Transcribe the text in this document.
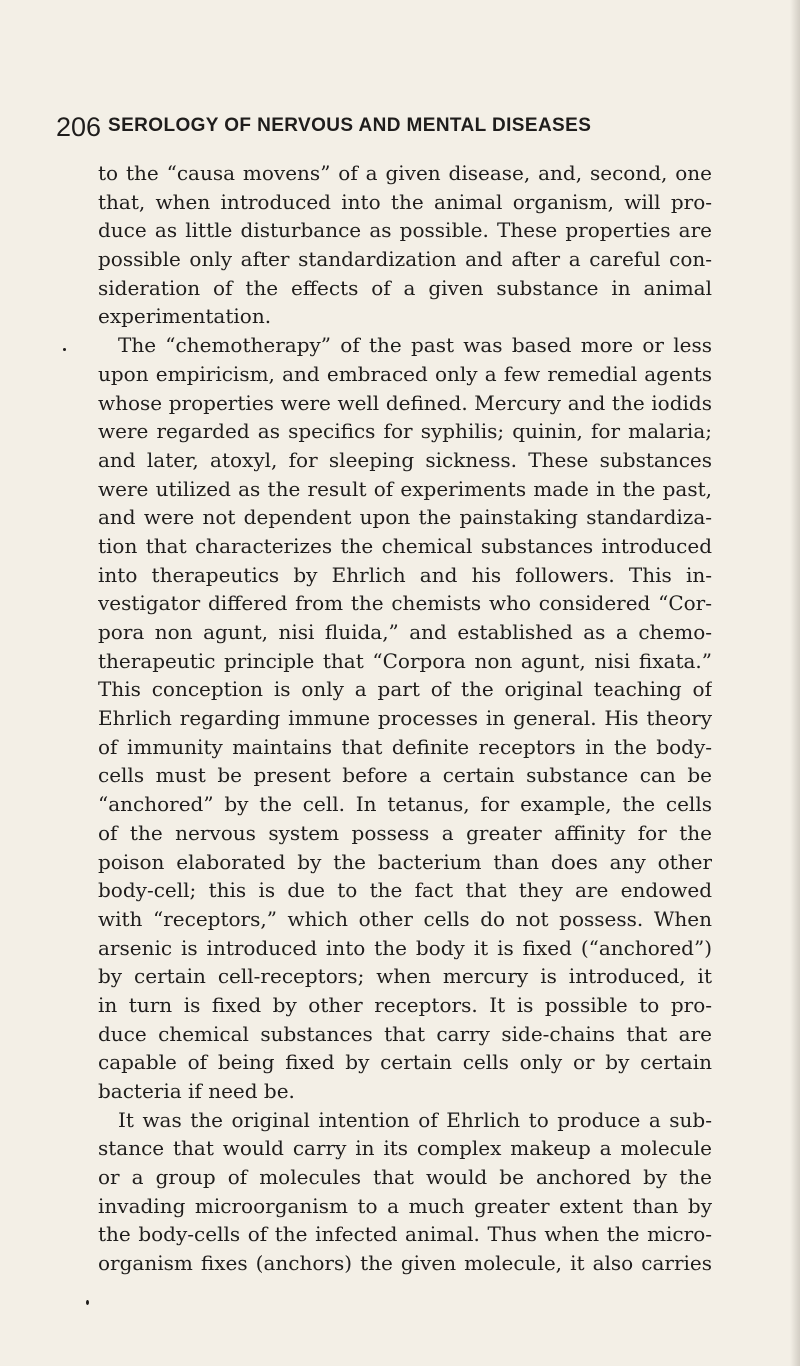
206 SEROLOGY OF NERVOUS AND MENTAL DISEASES
to the “causa movens” of a given disease, and, second, one
that, when introduced into the animal organism, will pro-
duce as little disturbance as possible. These properties are
possible only after standardization and after a careful con-
sideration of the effects of a given substance in animal
experimentation.
The “chemotherapy” of the past was based more or less
upon empiricism, and embraced only a few remedial agents
whose properties were well defined. Mercury and the iodids
were regarded as specifics for syphilis; quinin, for malaria;
and later, atoxyl, for sleeping sickness. These substances
were utilized as the result of experiments made in the past,
and were not dependent upon the painstaking standardiza-
tion that characterizes the chemical substances introduced
into therapeutics by Ehrlich and his followers. This in-
vestigator differed from the chemists who considered “Cor-
pora non agunt, nisi fluida,” and established as a chemo-
therapeutic principle that “Corpora non agunt, nisi fixata.”
This conception is only a part of the original teaching of
Ehrlich regarding immune processes in general. His theory
of immunity maintains that definite receptors in the body-
cells must be present before a certain substance can be
“anchored” by the cell. In tetanus, for example, the cells
of the nervous system possess a greater affinity for the
poison elaborated by the bacterium than does any other
body-cell; this is due to the fact that they are endowed
with “receptors,” which other cells do not possess. When
arsenic is introduced into the body it is fixed (“anchored”)
by certain cell-receptors; when mercury is introduced, it
in turn is fixed by other receptors. It is possible to pro-
duce chemical substances that carry side-chains that are
capable of being fixed by certain cells only or by certain
bacteria if need be.
It was the original intention of Ehrlich to produce a sub-
stance that would carry in its complex makeup a molecule
or a group of molecules that would be anchored by the
invading microorganism to a much greater extent than by
the body-cells of the infected animal. Thus when the micro-
organism fixes (anchors) the given molecule, it also carries
